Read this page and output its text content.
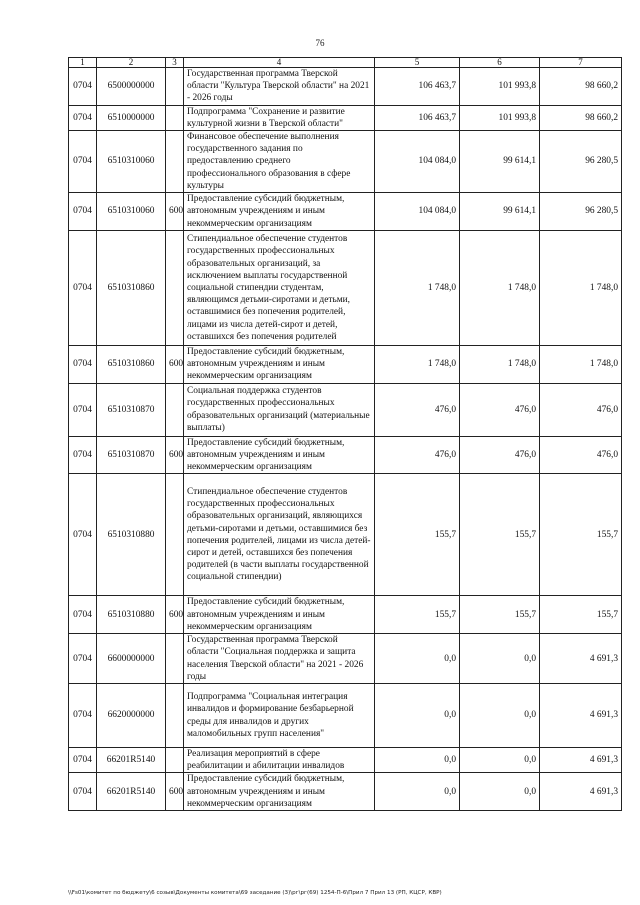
76
1	2	3	4	5	6	7
0704	6500000000		Государственная программа Тверской области "Культура Тверской области" на 2021 - 2026 годы	106 463,7	101 993,8	98 660,2
0704	6510000000		Подпрограмма "Сохранение и развитие культурной жизни в Тверской области"	106 463,7	101 993,8	98 660,2
0704	6510310060		Финансовое обеспечение выполнения государственного задания по предоставлению среднего профессионального образования в сфере культуры	104 084,0	99 614,1	96 280,5
0704	6510310060	600	Предоставление субсидий бюджетным, автономным учреждениям и иным некоммерческим организациям	104 084,0	99 614,1	96 280,5
0704	6510310860		Стипендиальное обеспечение студентов государственных профессиональных образовательных организаций, за исключением выплаты государственной социальной стипендии студентам, являющимся детьми-сиротами и детьми, оставшимися без попечения родителей, лицами из числа детей-сирот и детей, оставшихся без попечения родителей	1 748,0	1 748,0	1 748,0
0704	6510310860	600	Предоставление субсидий бюджетным, автономным учреждениям и иным некоммерческим организациям	1 748,0	1 748,0	1 748,0
0704	6510310870		Социальная поддержка студентов государственных профессиональных образовательных организаций (материальные выплаты)	476,0	476,0	476,0
0704	6510310870	600	Предоставление субсидий бюджетным, автономным учреждениям и иным некоммерческим организациям	476,0	476,0	476,0
0704	6510310880		Стипендиальное обеспечение студентов государственных профессиональных образовательных организаций, являющихся детьми-сиротами и детьми, оставшимися без попечения родителей, лицами из числа детей-сирот и детей, оставшихся без попечения родителей (в части выплаты государственной социальной стипендии)	155,7	155,7	155,7
0704	6510310880	600	Предоставление субсидий бюджетным, автономным учреждениям и иным некоммерческим организациям	155,7	155,7	155,7
0704	6600000000		Государственная программа Тверской области "Социальная поддержка и защита населения Тверской области" на 2021 - 2026 годы	0,0	0,0	4 691,3
0704	6620000000		Подпрограмма "Социальная интеграция инвалидов и формирование безбарьерной среды для инвалидов и других маломобильных групп населения"	0,0	0,0	4 691,3
0704	66201R5140		Реализация мероприятий в сфере реабилитации и абилитации инвалидов	0,0	0,0	4 691,3
0704	66201R5140	600	Предоставление субсидий бюджетным, автономным учреждениям и иным некоммерческим организациям	0,0	0,0	4 691,3
\\Fs01\комитет по бюджету\6 созыв\Документы комитета\69 заседание (3)\рг\рг(69) 1254-П-6\Прил 7 Прил 13 (РП, КЦСР, КВР)
